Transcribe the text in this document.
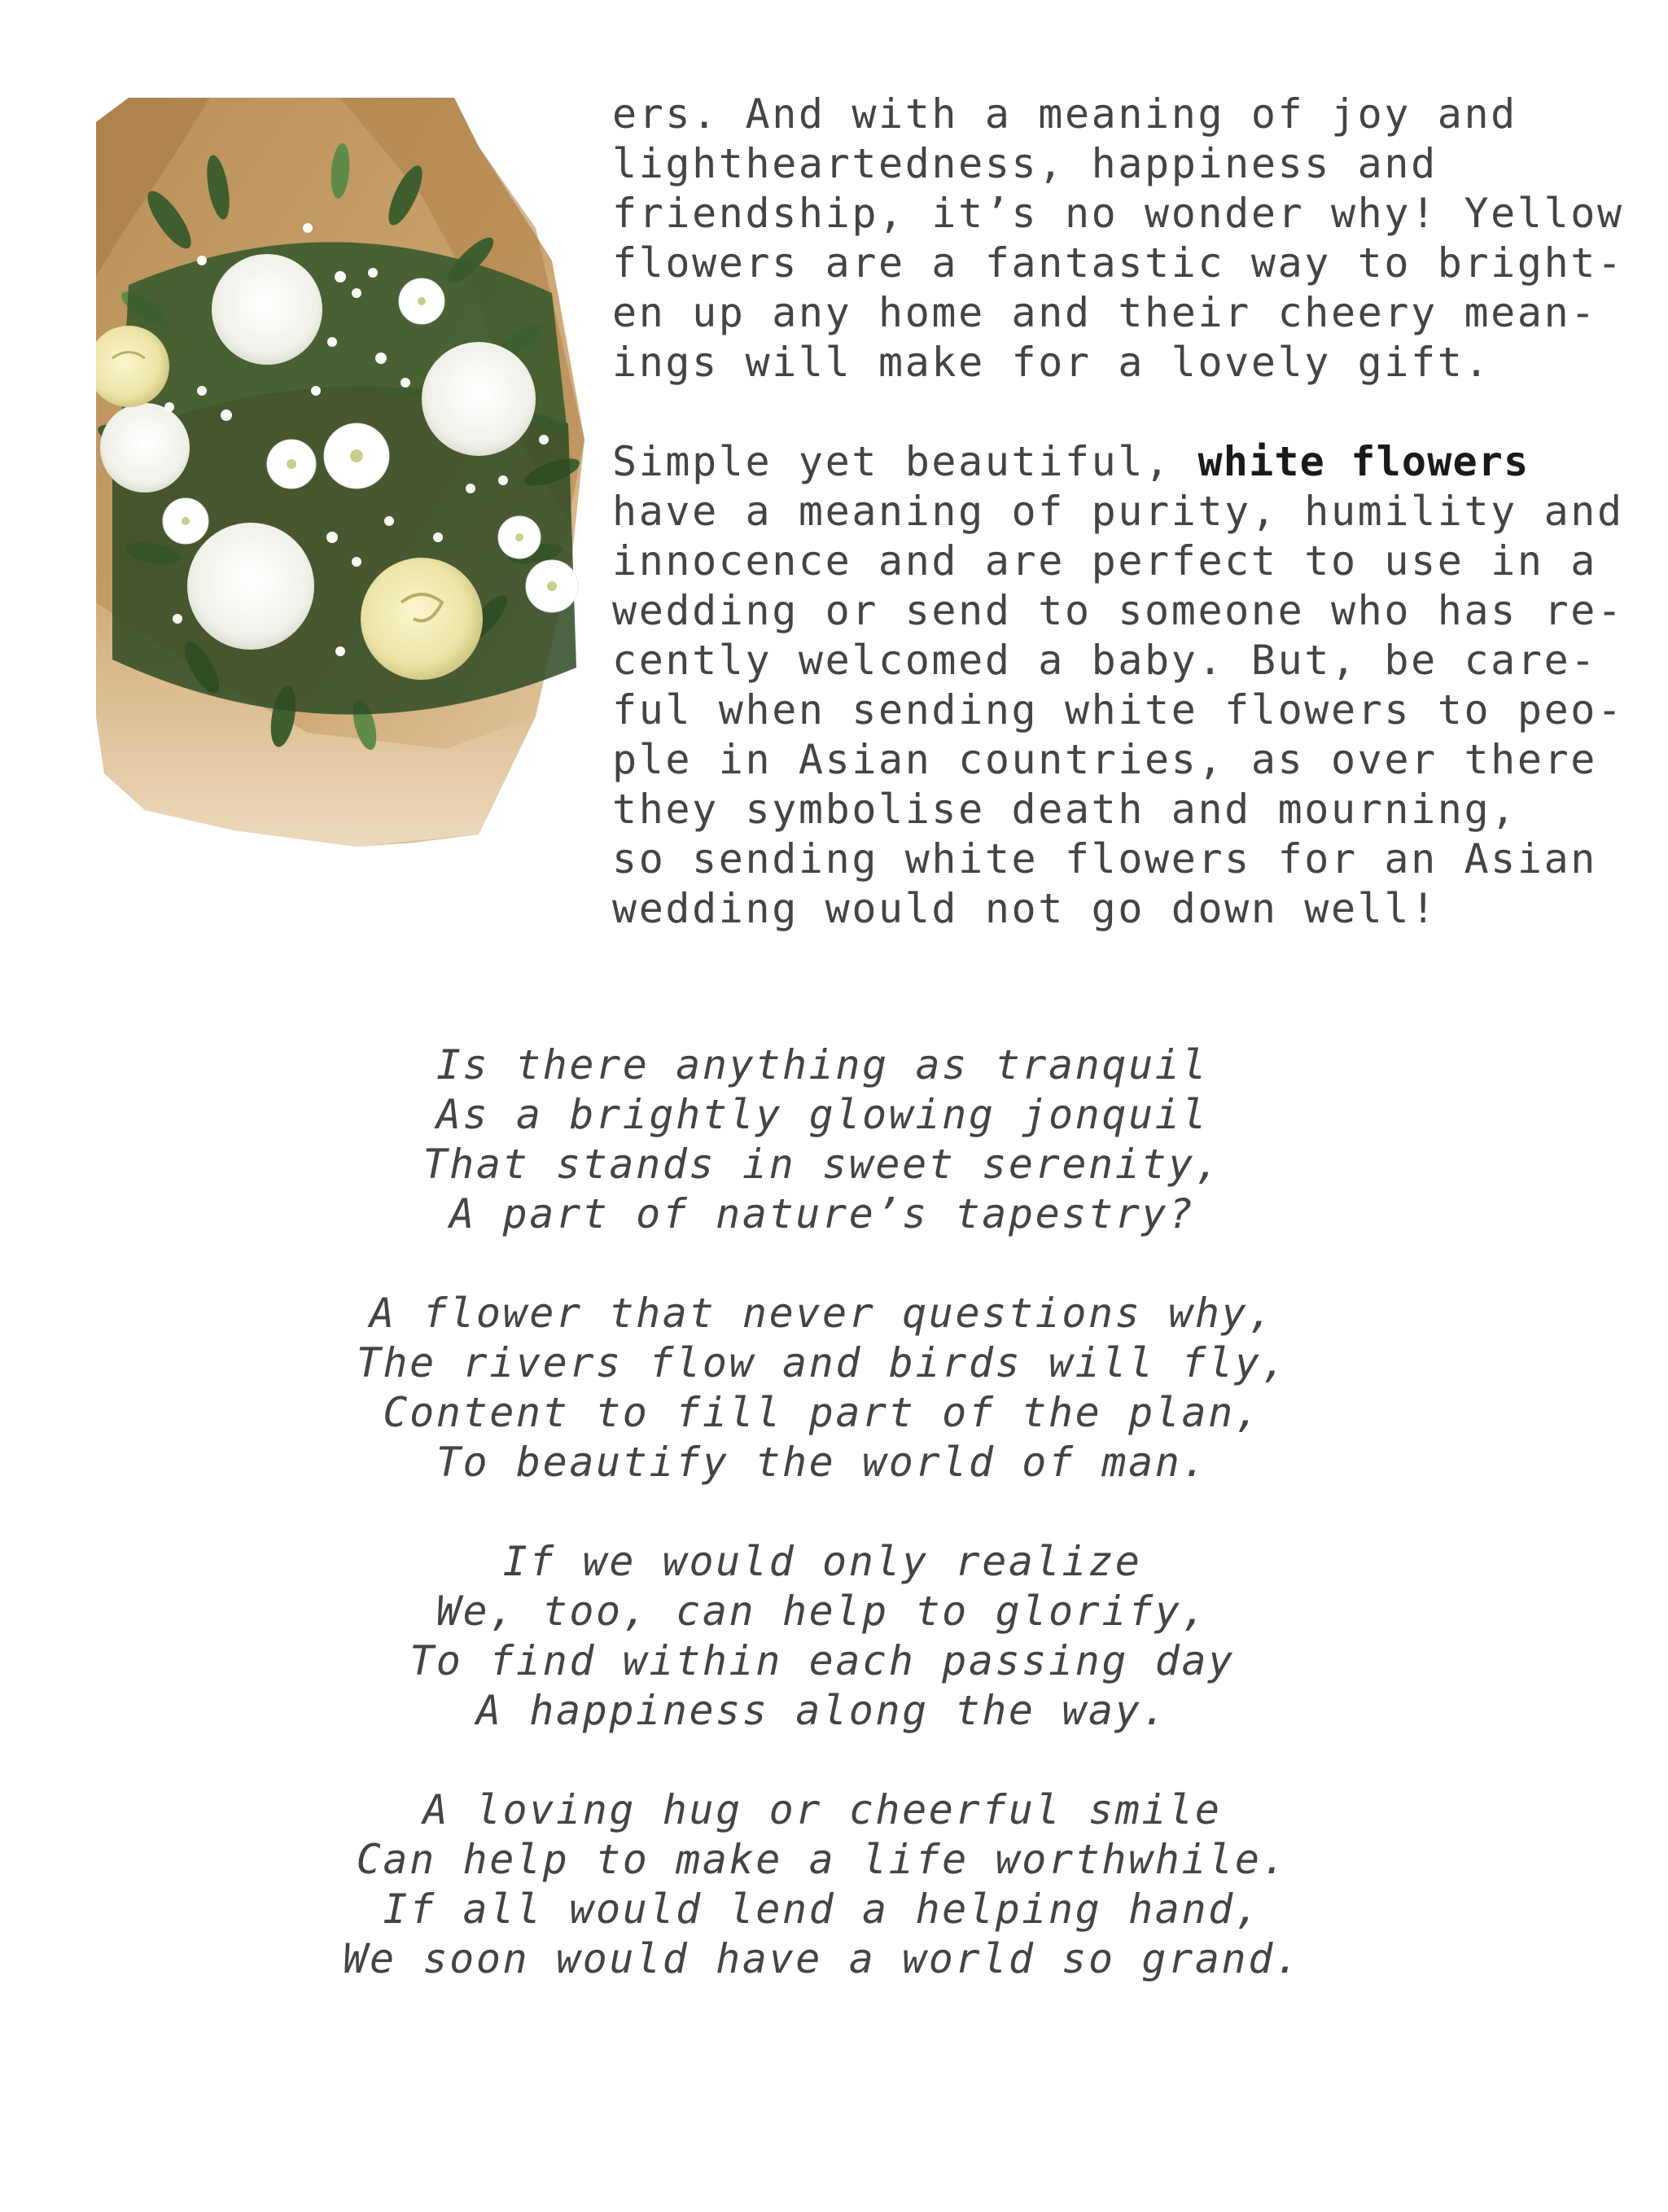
ers. And with a meaning of joy and
lightheartedness, happiness and
friendship, it’s no wonder why! Yellow
flowers are a fantastic way to bright-
en up any home and their cheery mean-
ings will make for a lovely gift.

Simple yet beautiful, white flowers
have a meaning of purity, humility and
innocence and are perfect to use in a
wedding or send to someone who has re-
cently welcomed a baby. But, be care-
ful when sending white flowers to peo-
ple in Asian countries, as over there
they symbolise death and mourning,
so sending white flowers for an Asian
wedding would not go down well!

Is there anything as tranquil
As a brightly glowing jonquil
That stands in sweet serenity,
A part of nature’s tapestry?

A flower that never questions why,
The rivers flow and birds will fly,
Content to fill part of the plan,
To beautify the world of man.

If we would only realize
We, too, can help to glorify,
To find within each passing day
A happiness along the way.

A loving hug or cheerful smile
Can help to make a life worthwhile.
If all would lend a helping hand,
We soon would have a world so grand.
